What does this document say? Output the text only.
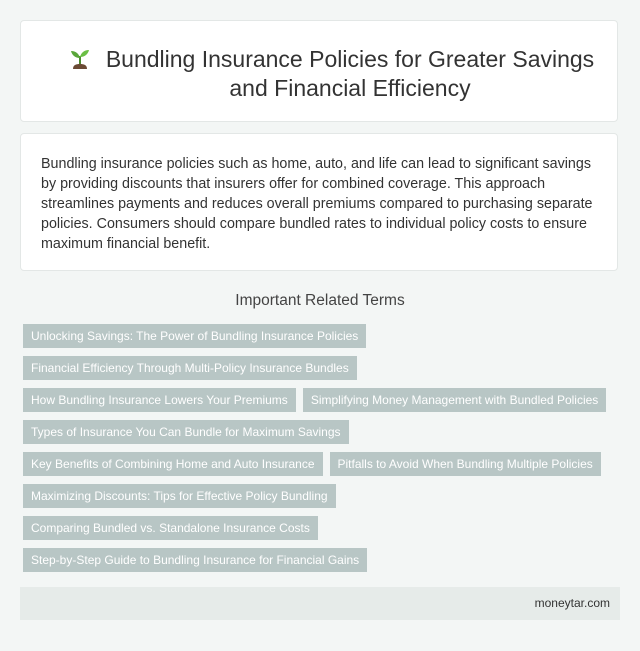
Bundling Insurance Policies for Greater Savings and Financial Efficiency

Bundling insurance policies such as home, auto, and life can lead to significant savings by providing discounts that insurers offer for combined coverage. This approach streamlines payments and reduces overall premiums compared to purchasing separate policies. Consumers should compare bundled rates to individual policy costs to ensure maximum financial benefit.

Important Related Terms
Unlocking Savings: The Power of Bundling Insurance Policies
Financial Efficiency Through Multi-Policy Insurance Bundles
How Bundling Insurance Lowers Your Premiums	Simplifying Money Management with Bundled Policies
Types of Insurance You Can Bundle for Maximum Savings
Key Benefits of Combining Home and Auto Insurance	Pitfalls to Avoid When Bundling Multiple Policies
Maximizing Discounts: Tips for Effective Policy Bundling
Comparing Bundled vs. Standalone Insurance Costs
Step-by-Step Guide to Bundling Insurance for Financial Gains
moneytar.com
